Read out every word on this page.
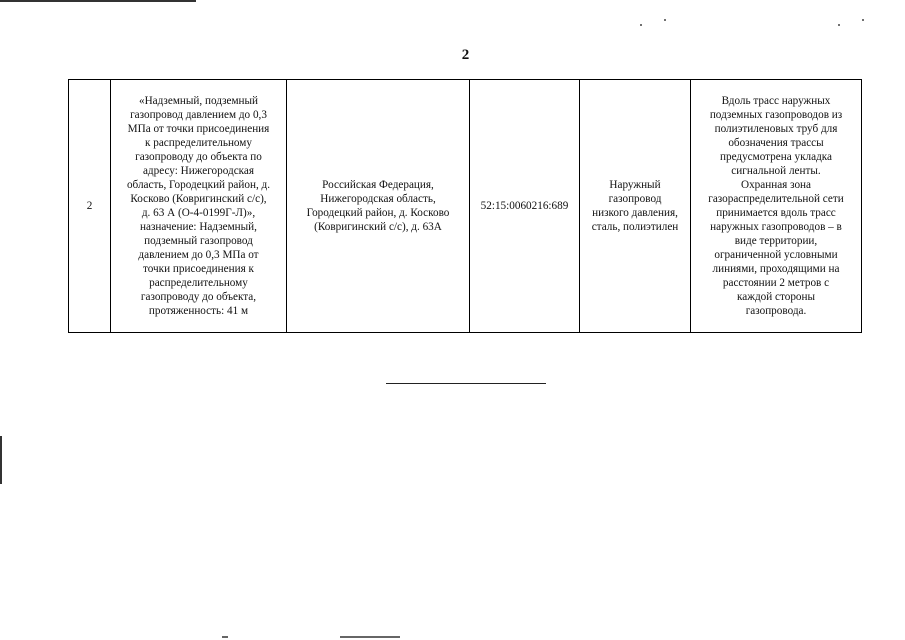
2
2	
«Надземный, подземный
газопровод давлением до 0,3
МПа от точки присоединения
к распределительному
газопроводу до объекта по
адресу: Нижегородская
область, Городецкий район, д.
Косково (Ковригинский с/с),
д. 63 А (О-4-0199Г-Л)»,
назначение: Надземный,
подземный газопровод
давлением до 0,3 МПа от
точки присоединения к
распределительному
газопроводу до объекта,
протяженность: 41 м

Российская Федерация,
Нижегородская область,
Городецкий район, д. Косково
(Ковригинский с/с), д. 63А
	52:15:0060216:689	
Наружный
газопровод
низкого давления,
сталь, полиэтилен

Вдоль трасс наружных
подземных газопроводов из
полиэтиленовых труб для
обозначения трассы
предусмотрена укладка
сигнальной ленты.
Охранная зона
газораспределительной сети
принимается вдоль трасс
наружных газопроводов – в
виде территории,
ограниченной условными
линиями, проходящими на
расстоянии 2 метров с
каждой стороны
газопровода.
